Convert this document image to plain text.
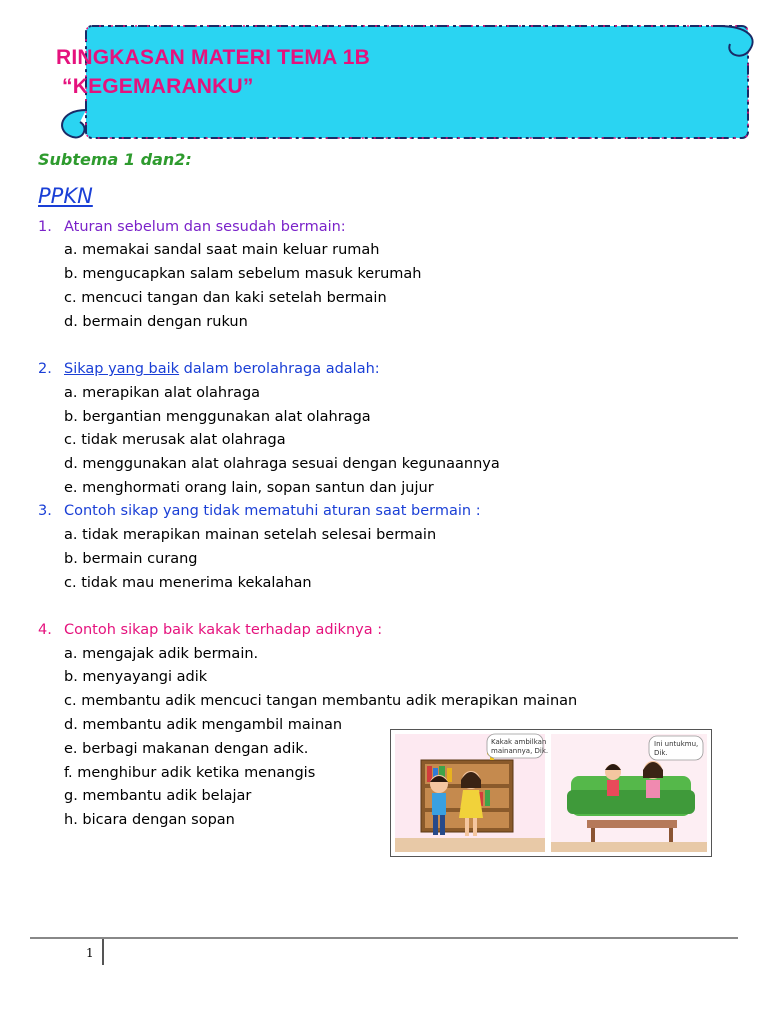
RINGKASAN MATERI TEMA 1B
“KEGEMARANKU”
Subtema 1 dan2:
PPKN
1. Aturan sebelum dan sesudah bermain:
a. memakai sandal saat main keluar rumah
b. mengucapkan salam sebelum masuk kerumah
c. mencuci tangan dan kaki setelah bermain
d. bermain dengan rukun
2. Sikap yang baik dalam berolahraga adalah:
a. merapikan alat olahraga
b. bergantian menggunakan alat olahraga
c. tidak merusak alat olahraga
d. menggunakan alat olahraga sesuai dengan kegunaannya
e. menghormati orang lain, sopan santun dan jujur
3. Contoh sikap yang tidak mematuhi aturan saat bermain :
a. tidak merapikan mainan setelah selesai bermain
b. bermain curang
c. tidak mau menerima kekalahan
4. Contoh sikap baik kakak terhadap adiknya :
a. mengajak adik bermain.
b. menyayangi adik
c. membantu adik mencuci tangan membantu adik merapikan mainan
d. membantu adik mengambil mainan
e. berbagi makanan dengan adik.
f. menghibur adik ketika menangis
g. membantu adik belajar
h. bicara dengan sopan
Kakak ambilkan
mainannya, Dik.
Ini untukmu,
Dik.
1
